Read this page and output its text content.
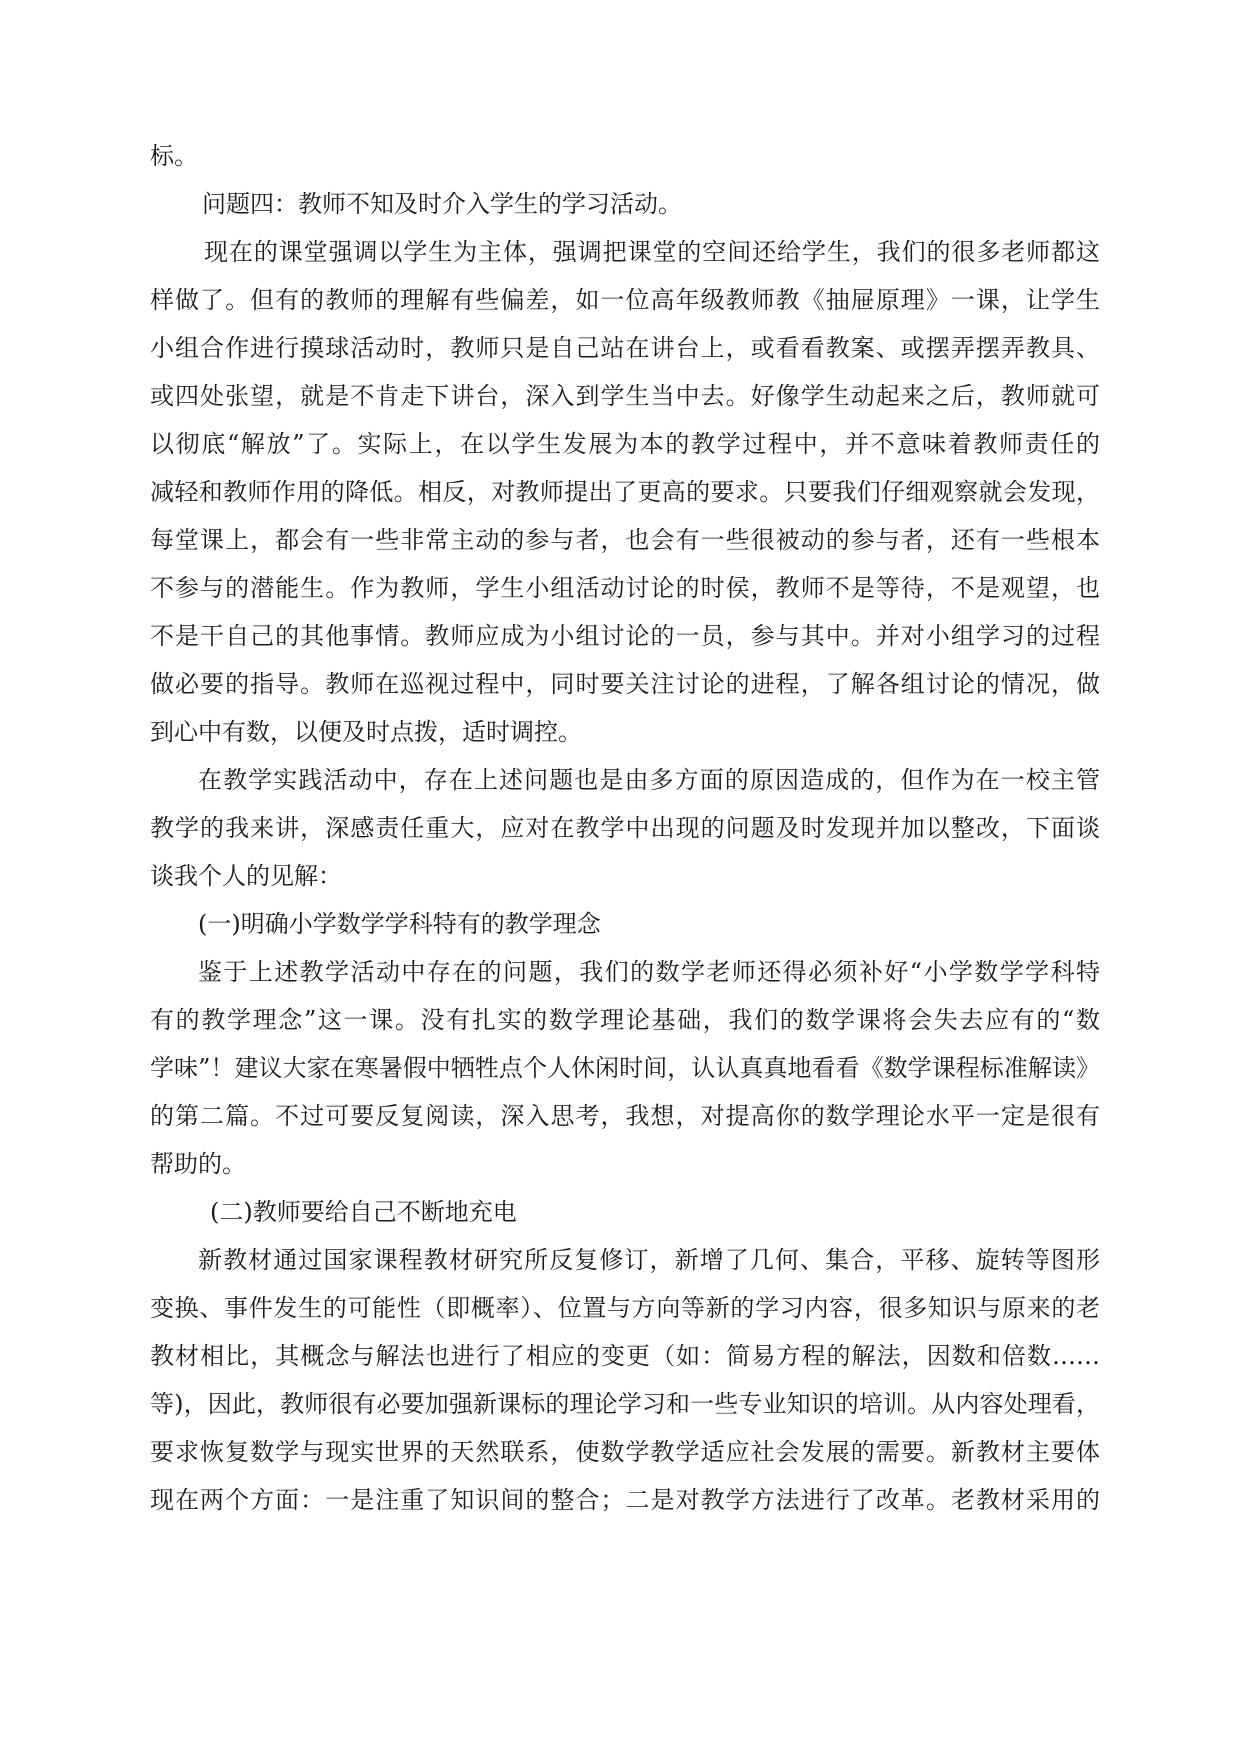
标。
问题四：教师不知及时介入学生的学习活动。
现在的课堂强调以学生为主体，强调把课堂的空间还给学生，我们的很多老师都这
样做了。但有的教师的理解有些偏差，如一位高年级教师教《抽屉原理》一课，让学生
小组合作进行摸球活动时，教师只是自己站在讲台上，或看看教案、或摆弄摆弄教具、
或四处张望，就是不肯走下讲台，深入到学生当中去。好像学生动起来之后，教师就可
以彻底“解放”了。实际上，在以学生发展为本的教学过程中，并不意味着教师责任的
减轻和教师作用的降低。相反，对教师提出了更高的要求。只要我们仔细观察就会发现，
每堂课上，都会有一些非常主动的参与者，也会有一些很被动的参与者，还有一些根本
不参与的潜能生。作为教师，学生小组活动讨论的时侯，教师不是等待，不是观望，也
不是干自己的其他事情。教师应成为小组讨论的一员，参与其中。并对小组学习的过程
做必要的指导。教师在巡视过程中，同时要关注讨论的进程，了解各组讨论的情况，做
到心中有数，以便及时点拨，适时调控。
在教学实践活动中，存在上述问题也是由多方面的原因造成的，但作为在一校主管
教学的我来讲，深感责任重大，应对在教学中出现的问题及时发现并加以整改，下面谈
谈我个人的见解：
(一)明确小学数学学科特有的教学理念
鉴于上述教学活动中存在的问题，我们的数学老师还得必须补好“小学数学学科特
有的教学理念”这一课。没有扎实的数学理论基础，我们的数学课将会失去应有的“数
学味”！建议大家在寒暑假中牺牲点个人休闲时间，认认真真地看看《数学课程标准解读》
的第二篇。不过可要反复阅读，深入思考，我想，对提高你的数学理论水平一定是很有
帮助的。
(二)教师要给自己不断地充电
新教材通过国家课程教材研究所反复修订，新增了几何、集合，平移、旋转等图形
变换、事件发生的可能性（即概率）、位置与方向等新的学习内容，很多知识与原来的老
教材相比，其概念与解法也进行了相应的变更（如：简易方程的解法，因数和倍数……
等)，因此，教师很有必要加强新课标的理论学习和一些专业知识的培训。从内容处理看，
要求恢复数学与现实世界的天然联系，使数学教学适应社会发展的需要。新教材主要体
现在两个方面：一是注重了知识间的整合；二是对教学方法进行了改革。老教材采用的
